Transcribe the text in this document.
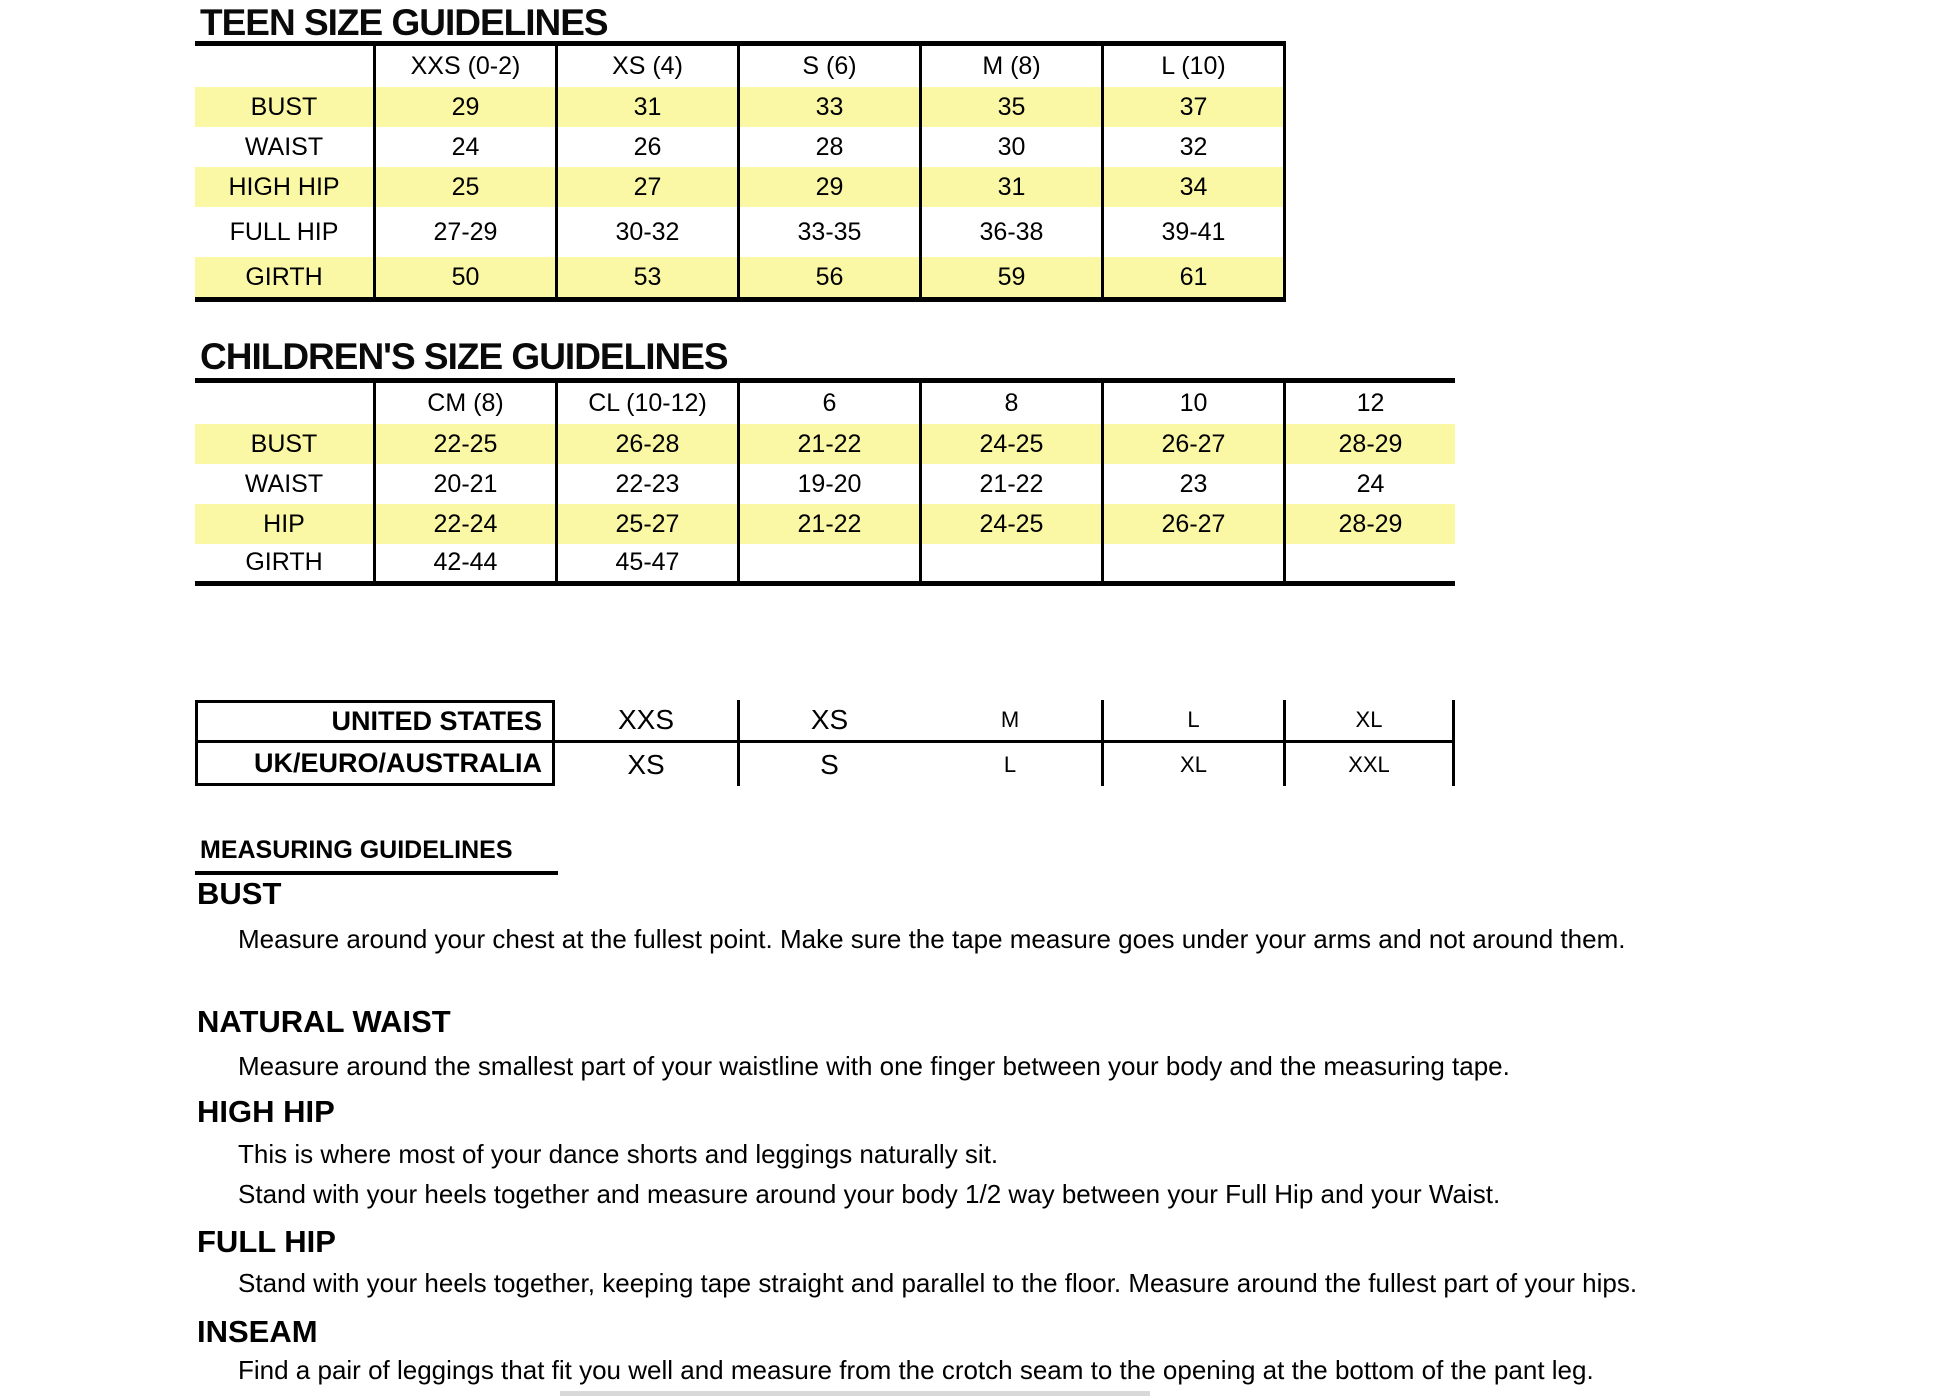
TEEN SIZE GUIDELINES
XXS (0-2)	XS (4)	S (6)	M (8)	L (10)
BUST	29	31	33	35	37
WAIST	24	26	28	30	32
HIGH HIP	25	27	29	31	34
FULL HIP	27-29	30-32	33-35	36-38	39-41
GIRTH	50	53	56	59	61
CHILDREN'S SIZE GUIDELINES
CM (8)	CL (10-12)	6	8	10	12
BUST	22-25	26-28	21-22	24-25	26-27	28-29
WAIST	20-21	22-23	19-20	21-22	23	24
HIP	22-24	25-27	21-22	24-25	26-27	28-29
GIRTH	42-44	45-47
UNITED STATES	XXS	XS	M	L	XL
UK/EURO/AUSTRALIA	XS	S	L	XL	XXL
MEASURING GUIDELINES
BUST
Measure around your chest at the fullest point. Make sure the tape measure goes under your arms and not around them.
NATURAL WAIST
Measure around the smallest part of your waistline with one finger between your body and the measuring tape.
HIGH HIP
This is where most of your dance shorts and leggings naturally sit.
Stand with your heels together and measure around your body 1/2 way between your Full Hip and your Waist.
FULL HIP
Stand with your heels together, keeping tape straight and parallel to the floor. Measure around the fullest part of your hips.
INSEAM
Find a pair of leggings that fit you well and measure from the crotch seam to the opening at the bottom of the pant leg.
